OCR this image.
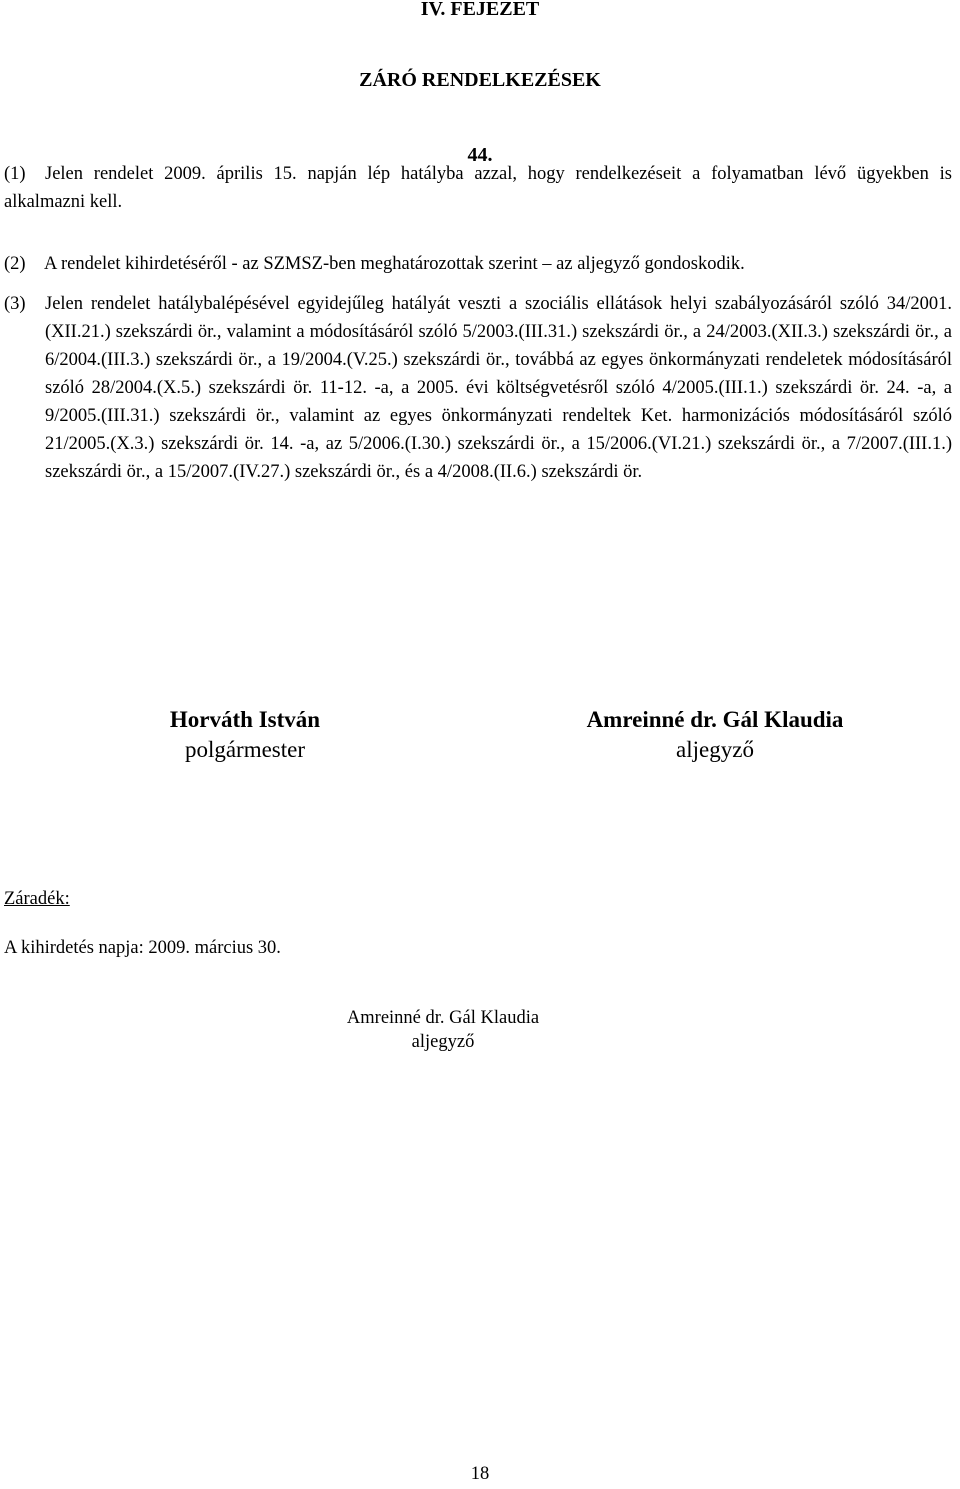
IV. FEJEZET
ZÁRÓ RENDELKEZÉSEK
44.
(1)	Jelen rendelet 2009. április 15. napján lép hatályba azzal, hogy rendelkezéseit a folyamatban lévő ügyekben is
alkalmazni kell.
(2) A rendelet kihirdetéséről - az SZMSZ-ben meghatározottak szerint – az aljegyző gondoskodik.
(3)	Jelen rendelet hatálybalépésével egyidejűleg hatályát veszti a szociális ellátások helyi szabályozásáról szóló 34/2001.(XII.21.) szekszárdi ör., valamint a módosításáról szóló 5/2003.(III.31.) szekszárdi ör., a 24/2003.(XII.3.) szekszárdi ör., a 6/2004.(III.3.) szekszárdi ör., a 19/2004.(V.25.) szekszárdi ör., továbbá az egyes önkormányzati rendeletek módosításáról szóló 28/2004.(X.5.) szekszárdi ör. 11-12. -a, a 2005. évi költségvetésről szóló 4/2005.(III.1.) szekszárdi ör. 24. -a, a 9/2005.(III.31.) szekszárdi ör., valamint az egyes önkormányzati rendeltek Ket. harmonizációs módosításáról szóló 21/2005.(X.3.) szekszárdi ör. 14. -a, az 5/2006.(I.30.) szekszárdi ör., a 15/2006.(VI.21.) szekszárdi ör., a 7/2007.(III.1.) szekszárdi ör., a 15/2007.(IV.27.) szekszárdi ör., és a 4/2008.(II.6.) szekszárdi ör.
Horváth István
polgármester
Amreinné dr. Gál Klaudia
aljegyző
Záradék:
A kihirdetés napja: 2009. március 30.
Amreinné dr. Gál Klaudia
aljegyző
18
